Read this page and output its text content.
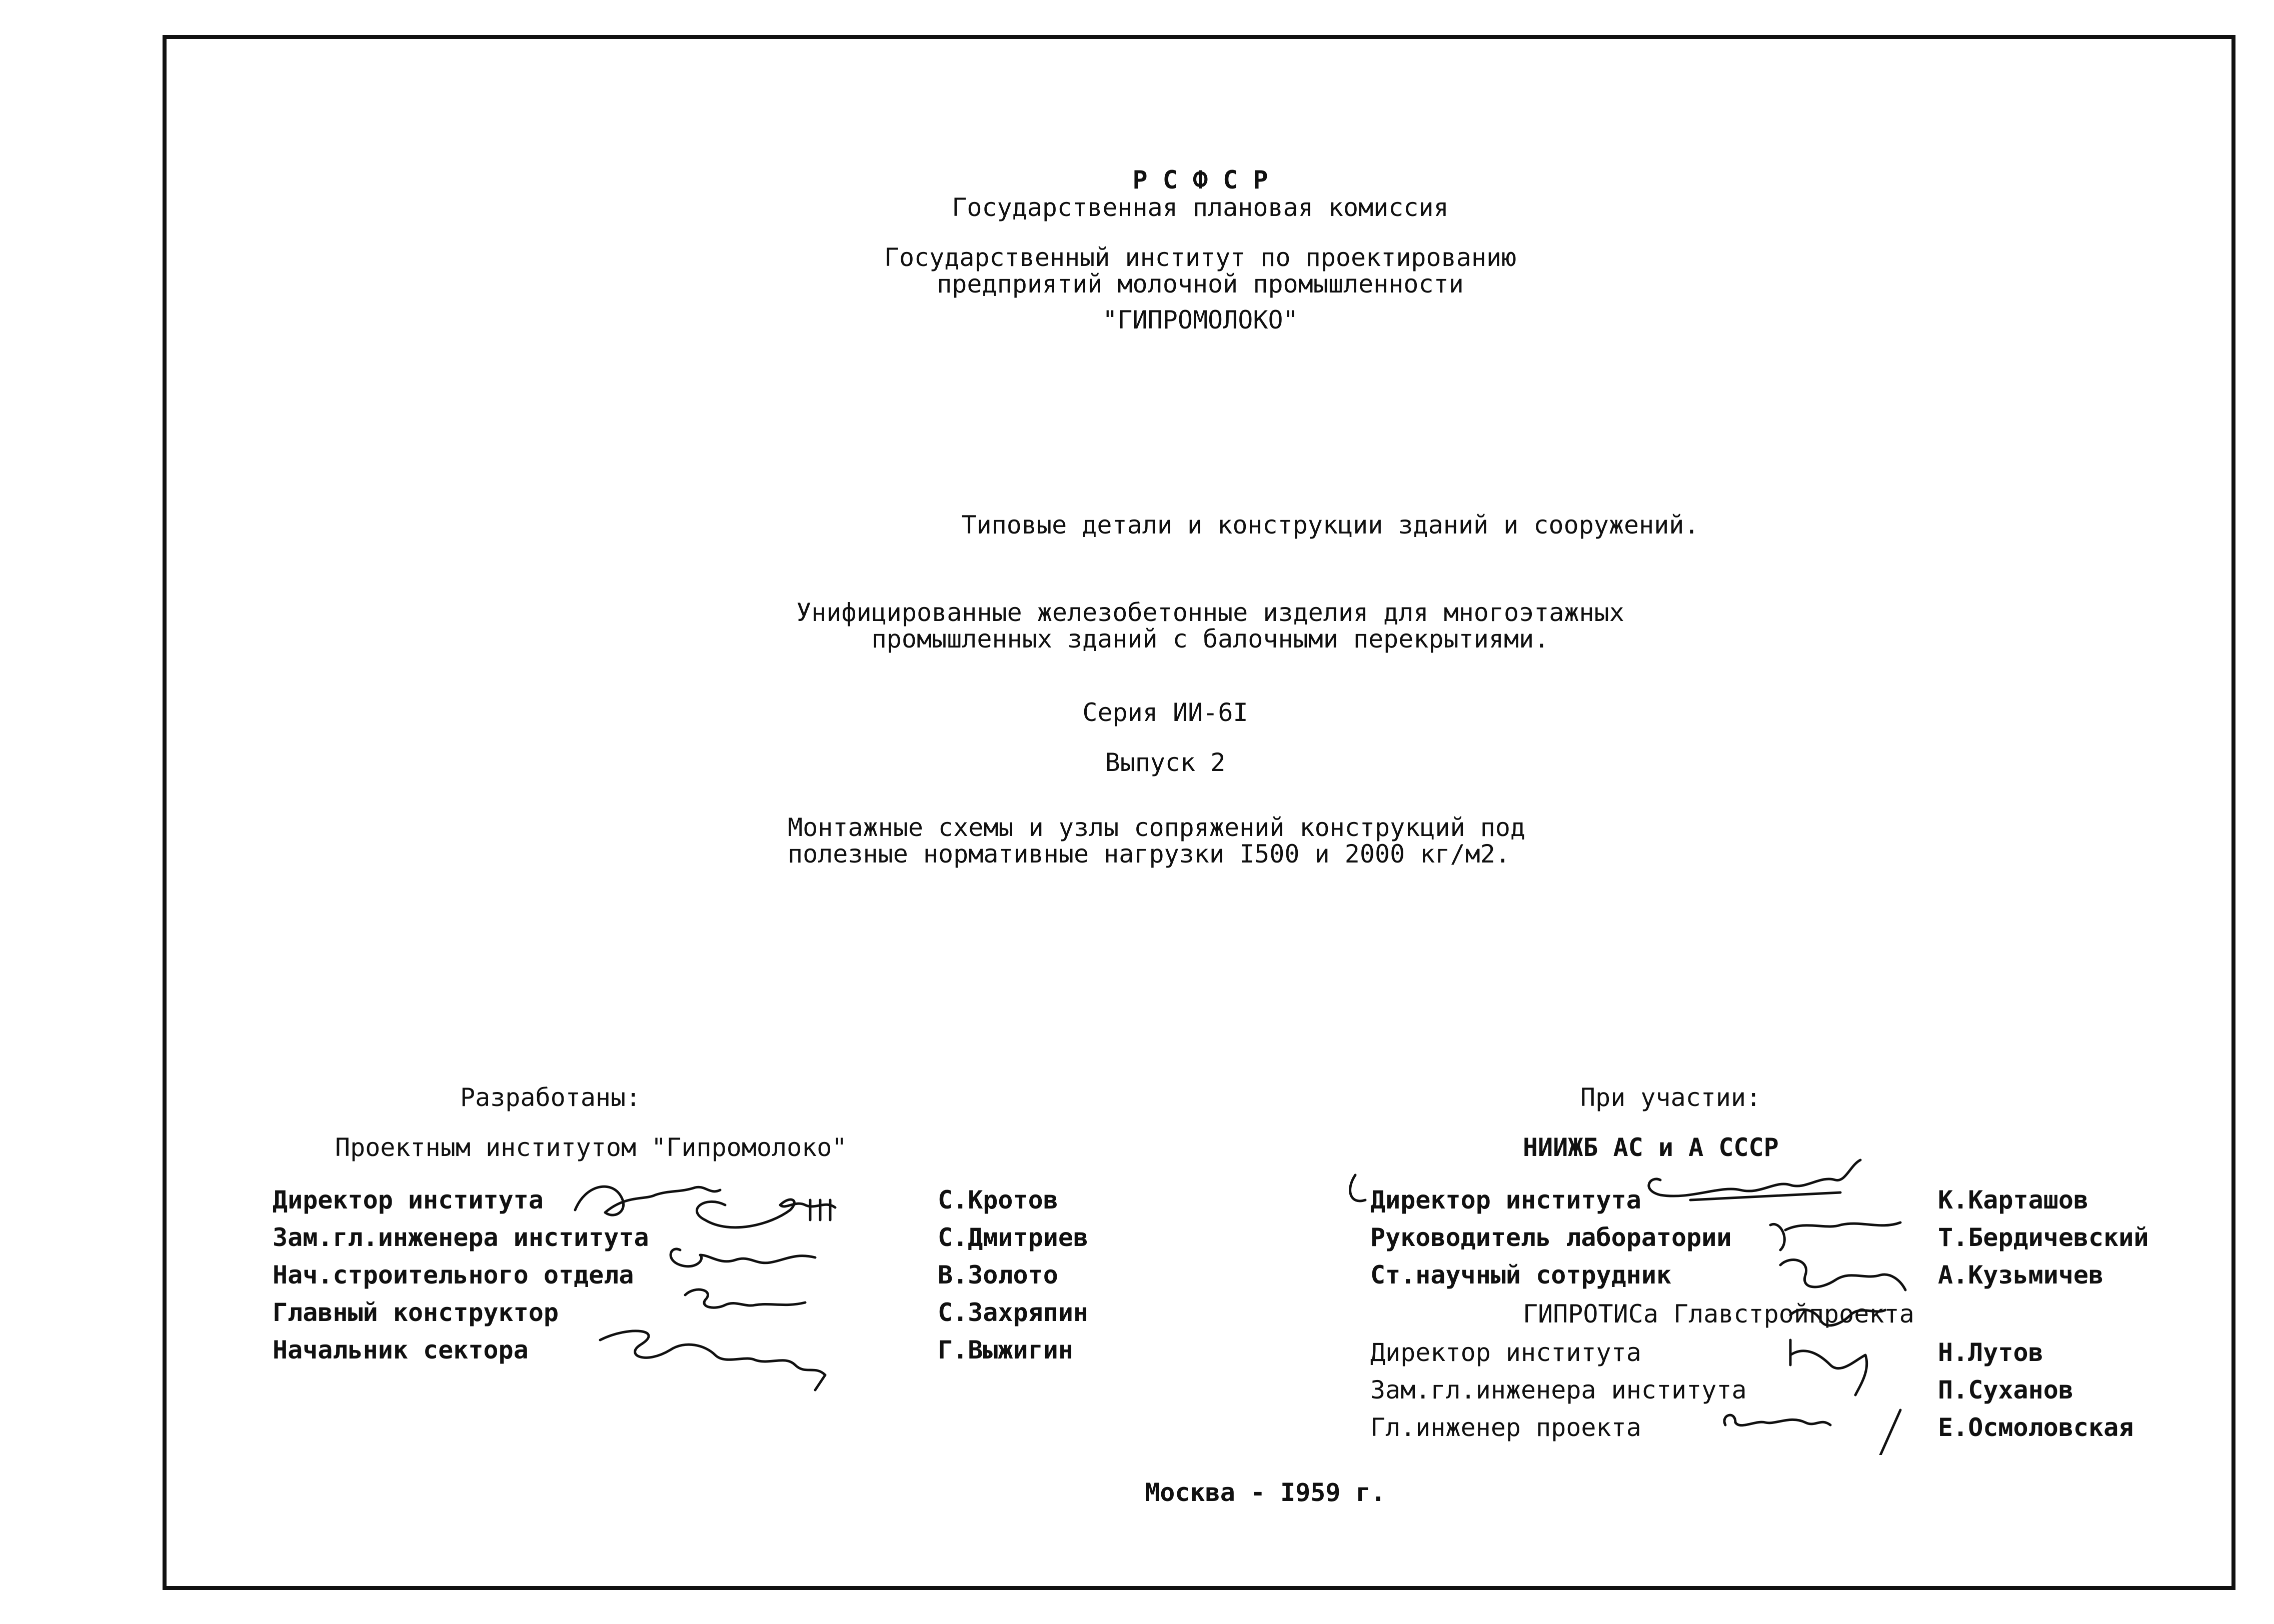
Р С Ф С Р
Государственная плановая комиссия
Государственный институт по проектированию
предприятий молочной промышленности
"ГИПРОМОЛОКО"
Типовые детали и конструкции зданий и сооружений.
Унифицированные железобетонные изделия для многоэтажных
промышленных зданий с балочными перекрытиями.
Серия ИИ-6I
Выпуск 2
Монтажные схемы и узлы сопряжений конструкций под
полезные нормативные нагрузки I500 и 2000 кг/м2.
Разработаны:
Проектным институтом "Гипромолоко"
Директор института	С.Кротов
Зам.гл.инженера института	С.Дмитриев
Нач.строительного отдела	В.Золото
Главный конструктор	С.Захряпин
Начальник сектора	Г.Выжигин
При участии:
НИИЖБ АС и А СССР
Директор института	К.Карташов
Руководитель лаборатории	Т.Бердичевский
Ст.научный сотрудник	А.Кузьмичев
ГИПРОТИСа Главстройпроекта
Директор института	Н.Лутов
Зам.гл.инженера института	П.Суханов
Гл.инженер проекта	Е.Осмоловская
Москва - I959 г.
